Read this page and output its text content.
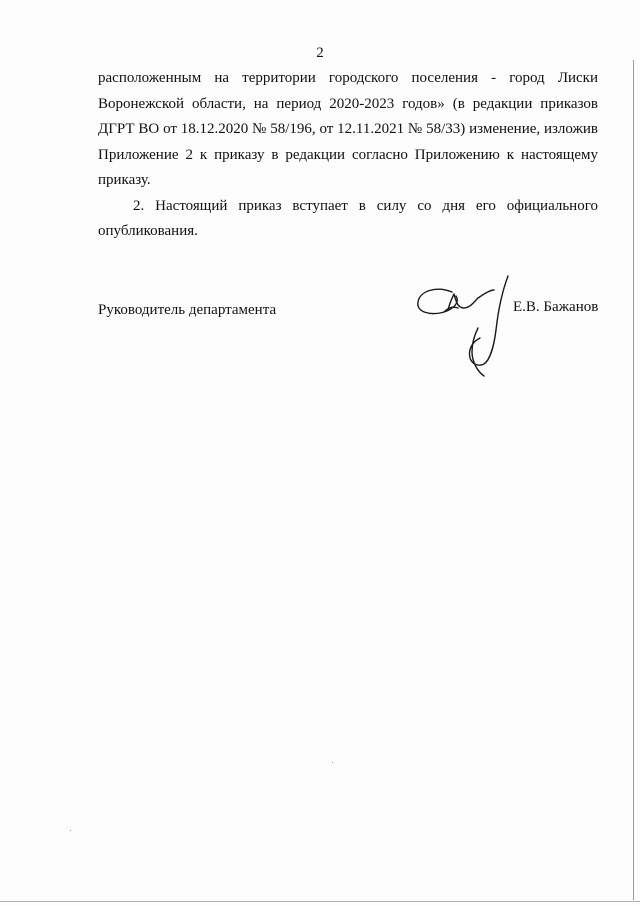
2

расположенным на территории городского поселения - город Лиски Воронежской области, на период 2020-2023 годов» (в редакции приказов ДГРТ ВО от 18.12.2020 № 58/196, от 12.11.2021 № 58/33) изменение, изложив Приложение 2 к приказу в редакции согласно Приложению к настоящему приказу.

2. Настоящий приказ вступает в силу со дня его официального опубликования.

Руководитель департамента	Е.В. Бажанов
